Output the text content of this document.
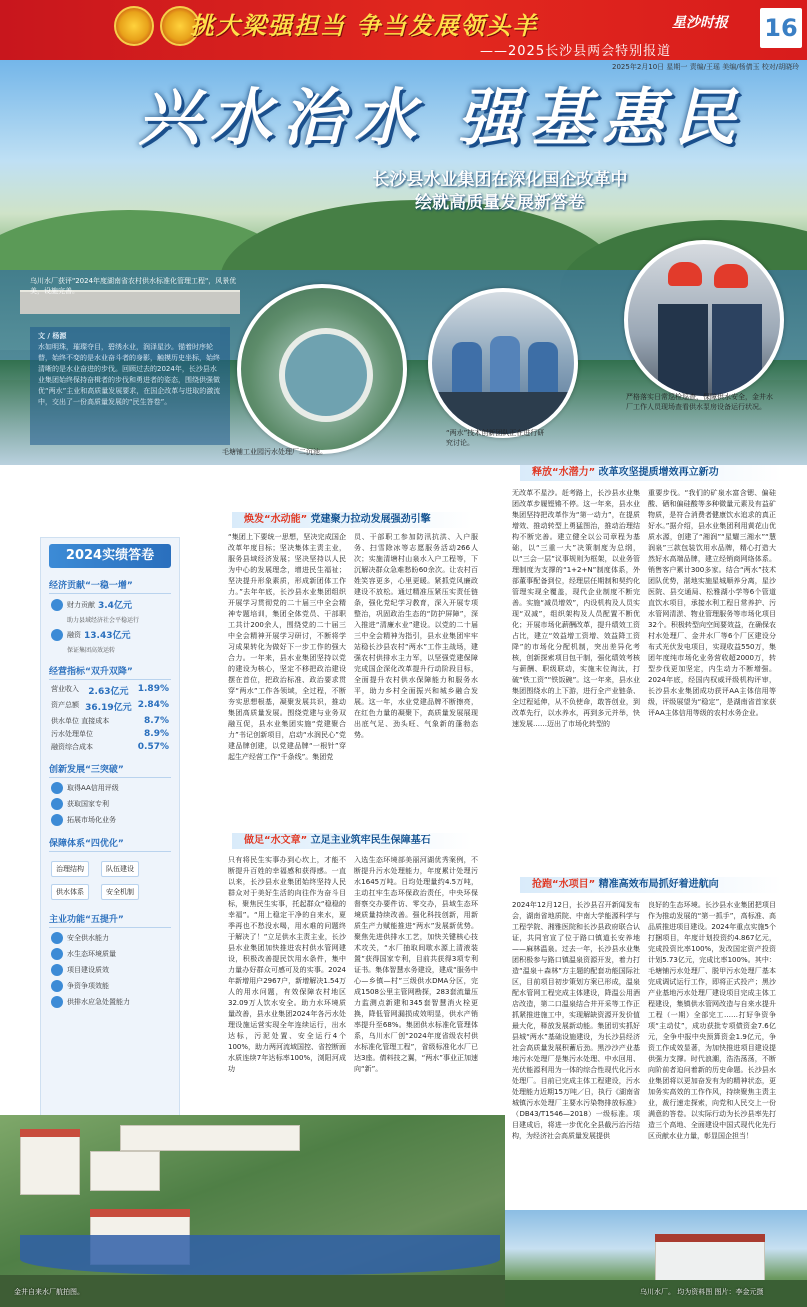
挑大梁强担当 争当发展领头羊
——2025长沙县两会特别报道
星沙时报 16
2025年2月10日 星期一 责编/王瑶 美编/杨倩玉 校对/胡晓玲
兴水治水 强基惠民
长沙县水业集团在深化国企改革中
绘就高质量发展新答卷
乌川水厂获评"2024年度湖南省农村供水标准化管理工程"，风景优美，设施完善。
文 / 杨源
水如明珠，璀璨夺目，碧绣水业，润泽星沙。锚着时序轮替，始终不变的是水业奋斗者的身影，触摸历史坐标，始终清晰的是水业奋进的步伐。回顾过去的2024年，长沙县水业集团始终保持奋楫者的步伐和勇进者的姿态，围绕供强做优“两水”主业和高质量发展要求，在国企改革与进取的激流中，交出了一份高质量发展的“民生答卷”。
毛塘铺工业园污水处理厂二沉池。
“两水”技术创新团队正在进行研究讨论。
严格落实日常巡检巡查，保障供水安全，金井水厂工作人员现场查看供水泵房设备运行状况。
2024实绩答卷
经济贡献“一稳一增”
财力贡献 3.4亿元
助力县域经济社会平稳运行
融资 13.43亿元
保证集团高效运转
经营指标“双升双降”
营业收入 2.63亿元 1.89%
资产总额 36.19亿元 2.84%
供水单位 直接成本	8.7%
污水处理单位	8.9%
融资综合成本	0.57%
创新发展“三突破”
取得AA信用评级
获取国家专利
拓展市场化业务
保障体系“四优化”
治理结构	队伍建设
供水体系	安全机制
主业功能“五提升”
安全供水能力
水生态环境质量
项目建设质效
争资争项效能
供排水应急处置能力
焕发“水动能” 党建聚力拉动发展强劲引擎
“集团上下要统一思想，坚决完成国企改革年度目标；坚决集体主责主业，服务县域经济发展；坚决坚持以人民为中心的发展理念，增进民生福祉；坚决提升形象素质，形成新团体工作力。”去年年底，长沙县水业集团组织开展学习贯彻党的二十届三中全会精神专题培训，集团全体党员、干部职工共计200余人，围绕党的二十届三中全会精神开展学习研讨，不断将学习成果转化为做好下一步工作的强大合力。一年来，县水业集团坚持以党的建设为核心，坚定不移把政治建设摆在首位，把政治标准、政治要求贯穿“两水”工作各领域，全过程，不断夯实思想根基，凝聚发展共识，推动集团高质量发展。围绕党建与业务双融互促，县水业集团实施“党建聚合力”书记创新项目，启动“水润民心”党建品牌创建，以党建品牌“一根针”穿起生产经营工作“千条线”。集团党
员、干部职工参加防汛抗洪、入户服务、扫雪除冰等志愿服务活动266人次；实施清塘村山泉水入户工程等，下沉解决群众急难愁盼60余次。让农村百姓笑容更多，心里更暖。紧抓党风廉政建设不放松。通过精准压紧压实责任链条，强化党纪学习教育，深入开展专项整治，巩固政治生态的“防护屏障”，深入推进“清廉水业”建设。以党的二十届三中全会精神为指引，县水业集团牢牢站稳长沙县农村“两水”工作主战场，建强农村供排水主力军，以坚强党建保障完成国企深化改革提升行动阶段目标，全面提升农村供水保障能力和服务水平，助力乡村全面振兴和城乡融合发展。这一年，水业党建品牌不断擦亮，在红色力量的凝聚下，高质量发展展现出底气足、劲头旺、气象新的蓬勃态势。
做足“水文章” 立足主业筑牢民生保障基石
只有将民生实事办到心坎上，才能不断提升百姓的幸福感和获得感。一直以来，长沙县水业集团始终坚持人民群众对于美好生活的向往作为奋斗目标，聚焦民生实事，托起群众“稳稳的幸福”。“用上稳定干净的自来水，夏季再也不愁没水喝，用水难的问题终于解决了！”立足供水主责主业，长沙县水业集团加快推进农村供水管网建设，积极改善提民饮用水条件，集中力量办好群众可感可及的实事。2024年新增用户2967户，新增解决1.54万人的用水问题，有效保障农村地区32.09万人饮水安全。助力水环境质量改善，县水业集团2024年各污水处理设施运营实现全年连续运行，出水达标，污泥处置、安全运行4个100%，助力两河流域国控、省控断面水质连续7年达标率100%，浏阳河成功
入选生态环境部美丽河湖优秀案例，不断提升污水处理能力，年度累计处理污水1645万吨。日均处理量约4.5万吨，主动扛牢生态环保政治责任，中央环保督察交办要件访、零交办，县域生态环境质量持续改善。强化科技创新，用新质生产力赋能推进“两水”发展新优势。聚焦先进供排水工艺，加快关键核心技术攻关，“水厂抽取间歇水源上清液装置”获得国家专利，目前共获得3项专利证书。集体智慧水务建设，建成“服务中心—乡镇—村”三级供水DMA分区，完成1508公里主管网勘探，283套流量压力监测点新建和345套智慧消火栓更换，降低管网漏损成效明显，供水产销率提升至68%。集团供水标准化管理体系，乌川水厂创“2024年度省级农村供水标准化管理工程”，省级标准化水厂已达3座。倩料技之翼，“两水”事业正加速向“新”。
释放“水潜力” 改革攻坚提质增效再立新功
无改革不星沙。赶考路上，长沙县水业集团改革步履铿锵不停。这一年来，县水业集团坚持把改革作为“第一动力”，在提质增效、推动转型上勇猛图治，推动治理结构不断完善。建立健全以公司章程为基础，以“三重一大”决策制度为总纲，以“三会一层”议事规则为框架，以业务管理制度为支撑的“1+2+N”制度体系，外部董事配备到位，经理层任期制和契约化管理实现全覆盖，现代企业制度不断完善。实施“减员增效”，内设机构及人员实现“双减”，组织架构及人员配置不断优化；开展市场化薪酬改革，提升绩效工资占比，建立“效益增工资增、效益降工资降”的市场化分配机制，突出差异化考核，创新探索项目包干制，强化绩效考核与薪酬、职级联动，实施末位淘汰，打破“铁工资”“铁饭碗”。这一年来，县水业集团围绕水的上下游，进行全产业链条、全过程延伸，从不负使命，敢答创业，到改革先行，以水养水，再到多元并举，快速发展……迈出了市场化转型的
重要步伐。“我们的矿泉水富含锶、偏硅酸、硒和偏硅酸等多种微量元素及有益矿物质，是符合消费者健康饮水追求的真正好水。”据介绍，县水业集团利用黄花山优质水源，创建了“湘润”“星耀三湘水”“慧润泉”三款包装饮用水品牌，精心打造大然好水高端品牌，建立经销商网络体系。销售客户累计300多家。结合“两水”技术团队优势，湛地实施星城顺养分离，星沙医院、县交通局、松雅湖小学等6个管道直饮水项目，承接水利工程日常养护、污水管网清淤、物业管理服务等市场化项目32个。积极转型向空间要效益，在确保农村水处理厂、金井水厂等6个厂区建设分布式光伏发电项目，实现收益550万，集团年度纯市场化业务营收超2000万，转型步伐更加坚定，内生动力不断增强。2024年底，经国内权威评级机构评审，长沙县水业集团成功获评AA主体信用等级，评级展望为“稳定”，是湖南省首家获评AA主体信用等级的农村水务企业。
抢跑“水项目” 精准高效布局抓好着进航向
2024年12月12日，长沙县召开新闻发布会，湖南省地质院、中南大学能源科学与工程学院、湘雅医院和长沙县政府联合认证，共同官宣了位于路口镇道长安养地——麻林温泉。过去一年，长沙县水业集团积极参与路口镇温泉资源开发，着力打造“温泉＋森林”方主题的配套功能国际社区，目前项目初步策划方案已形成，温泉配水管网工程完成主体建设，降温公用酒店改造，第二口温泉结合井开采等工作正抓紧推进施工中，实现解缺资源开发价值最大化，释放发展新动能。集团切实抓好县城“两水”基础设施建设，为长沙县经济社会高质量发展积蓄后劲。黑沙沙产业基地污水处理厂是集污水处理、中水回用、光伏能源利用为一体的综合性现代化污水处理厂。目前已完成主体工程建设，污水处理能力近期15万吨／日，执行《湖南省城镇污水处理厂主要水污染物排放标准》（DB43/T1546—2018）一级标准。项目建成后，将进一步优化全县截污治污结构，为经济社会高质量发展提供
良好的生态环境。长沙县水业集团把项目作为推动发展的“第一抓手”，高标准、高品质推进项目建设。2024年重点实施5个打捆项目，年度计划投资约4.867亿元，完成投资比率100%，发改国定资产投资计划5.73亿元，完成比率100%。其中：毛塘铺污水处理厂、脱甲污水处理厂基本完成调试运行工作，即将正式投产；黑沙产业基地污水处理厂建设项目完成主体工程建设，集镇供水管网改造与自来水提升工程（一期）全部完工……打好争资争项“主动仗”，成功获批专项债资金7.6亿元，全争中报中央预算资金1.9亿元，争资工作成效显著，为加快推进项目建设提供强力支撑。时代浪潮，浩浩荡荡，不断向阶前者迫问着新的历史命题。长沙县水业集团将以更加奋发有为的精神状态，更加务实高效的工作作风，持续聚焦主责主业，裁行速走探索，向党和人民交上一份满意的答卷。以实际行动为长沙县率先打造三个高地、全面建设中国式现代化先行区贡献水业力量，彰显国企担当！
金井自来水厂航拍图。	乌川水厂。 均为资料图 图片：李金元摄
